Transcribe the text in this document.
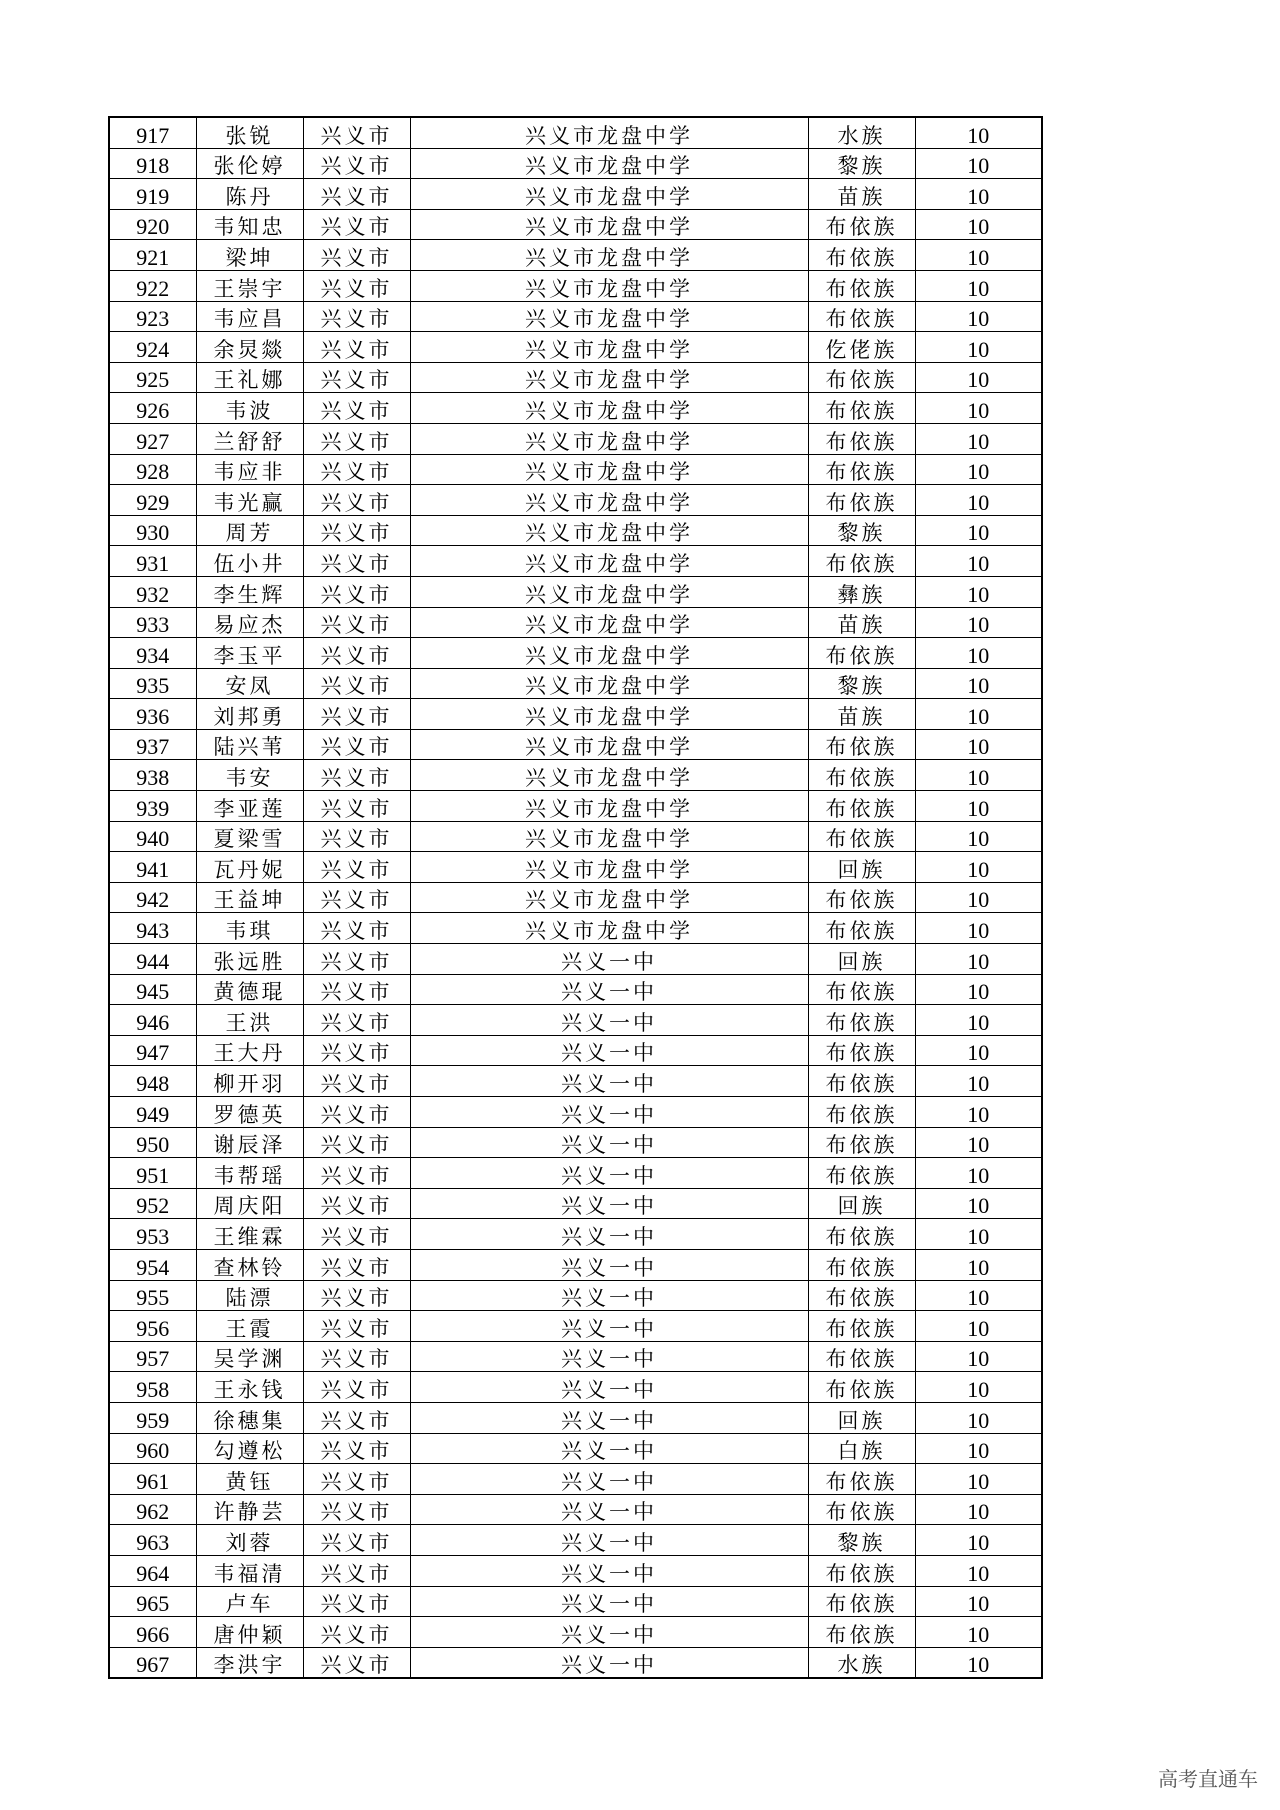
917	张锐	兴义市	兴义市龙盘中学	水族	10
918	张伦婷	兴义市	兴义市龙盘中学	黎族	10
919	陈丹	兴义市	兴义市龙盘中学	苗族	10
920	韦知忠	兴义市	兴义市龙盘中学	布依族	10
921	梁坤	兴义市	兴义市龙盘中学	布依族	10
922	王崇宇	兴义市	兴义市龙盘中学	布依族	10
923	韦应昌	兴义市	兴义市龙盘中学	布依族	10
924	余炅燚	兴义市	兴义市龙盘中学	仡佬族	10
925	王礼娜	兴义市	兴义市龙盘中学	布依族	10
926	韦波	兴义市	兴义市龙盘中学	布依族	10
927	兰舒舒	兴义市	兴义市龙盘中学	布依族	10
928	韦应非	兴义市	兴义市龙盘中学	布依族	10
929	韦光赢	兴义市	兴义市龙盘中学	布依族	10
930	周芳	兴义市	兴义市龙盘中学	黎族	10
931	伍小井	兴义市	兴义市龙盘中学	布依族	10
932	李生辉	兴义市	兴义市龙盘中学	彝族	10
933	易应杰	兴义市	兴义市龙盘中学	苗族	10
934	李玉平	兴义市	兴义市龙盘中学	布依族	10
935	安凤	兴义市	兴义市龙盘中学	黎族	10
936	刘邦勇	兴义市	兴义市龙盘中学	苗族	10
937	陆兴苇	兴义市	兴义市龙盘中学	布依族	10
938	韦安	兴义市	兴义市龙盘中学	布依族	10
939	李亚莲	兴义市	兴义市龙盘中学	布依族	10
940	夏梁雪	兴义市	兴义市龙盘中学	布依族	10
941	瓦丹妮	兴义市	兴义市龙盘中学	回族	10
942	王益坤	兴义市	兴义市龙盘中学	布依族	10
943	韦琪	兴义市	兴义市龙盘中学	布依族	10
944	张远胜	兴义市	兴义一中	回族	10
945	黄德琨	兴义市	兴义一中	布依族	10
946	王洪	兴义市	兴义一中	布依族	10
947	王大丹	兴义市	兴义一中	布依族	10
948	柳开羽	兴义市	兴义一中	布依族	10
949	罗德英	兴义市	兴义一中	布依族	10
950	谢辰泽	兴义市	兴义一中	布依族	10
951	韦帮瑶	兴义市	兴义一中	布依族	10
952	周庆阳	兴义市	兴义一中	回族	10
953	王维霖	兴义市	兴义一中	布依族	10
954	查林铃	兴义市	兴义一中	布依族	10
955	陆漂	兴义市	兴义一中	布依族	10
956	王霞	兴义市	兴义一中	布依族	10
957	吴学渊	兴义市	兴义一中	布依族	10
958	王永钱	兴义市	兴义一中	布依族	10
959	徐穗集	兴义市	兴义一中	回族	10
960	勾遵松	兴义市	兴义一中	白族	10
961	黄钰	兴义市	兴义一中	布依族	10
962	许静芸	兴义市	兴义一中	布依族	10
963	刘蓉	兴义市	兴义一中	黎族	10
964	韦福清	兴义市	兴义一中	布依族	10
965	卢车	兴义市	兴义一中	布依族	10
966	唐仲颖	兴义市	兴义一中	布依族	10
967	李洪宇	兴义市	兴义一中	水族	10
高考直通车
